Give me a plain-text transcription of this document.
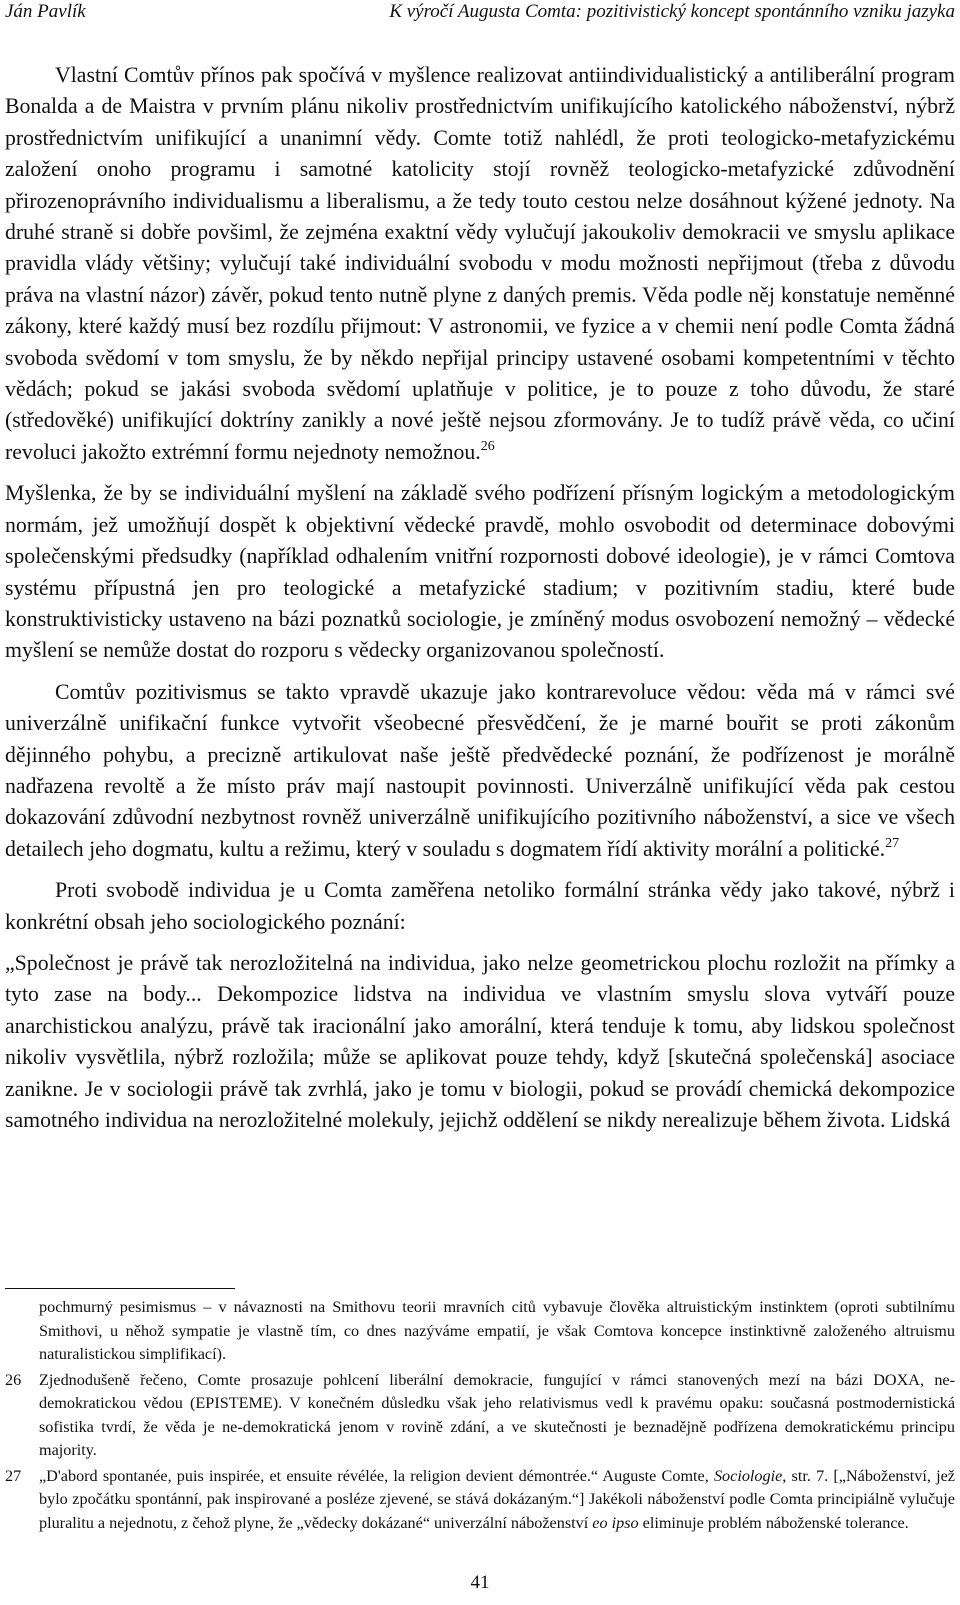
Ján Pavlík	K výročí Augusta Comta: pozitivistický koncept spontánního vzniku jazyka

Vlastní Comtův přínos pak spočívá v myšlence realizovat antiindividualistický a antiliberální program Bonalda a de Maistra v prvním plánu nikoliv prostřednictvím unifikujícího katolického náboženství, nýbrž prostřednictvím unifikující a unanimní vědy. Comte totiž nahlédl, že proti teologicko-metafyzickému založení onoho programu i samotné katolicity stojí rovněž teologicko-metafyzické zdůvodnění přirozenoprávního individualismu a liberalismu, a že tedy touto cestou nelze dosáhnout kýžené jednoty. Na druhé straně si dobře povšiml, že zejména exaktní vědy vylučují jakoukoliv demokracii ve smyslu aplikace pravidla vlády většiny; vylučují také individuální svobodu v modu možnosti nepřijmout (třeba z důvodu práva na vlastní názor) závěr, pokud tento nutně plyne z daných premis. Věda podle něj konstatuje neměnné zákony, které každý musí bez rozdílu přijmout: V astronomii, ve fyzice a v chemii není podle Comta žádná svoboda svědomí v tom smyslu, že by někdo nepřijal principy ustavené osobami kompetentními v těchto vědách; pokud se jakási svoboda svědomí uplatňuje v politice, je to pouze z toho důvodu, že staré (středověké) unifikující doktríny zanikly a nové ještě nejsou zformovány. Je to tudíž právě věda, co učiní revoluci jakožto extrémní formu nejednoty nemožnou.$^{26}$

Myšlenka, že by se individuální myšlení na základě svého podřízení přísným logickým a metodologickým normám, jež umožňují dospět k objektivní vědecké pravdě, mohlo osvobodit od determinace dobovými společenskými předsudky (například odhalením vnitřní rozpornosti dobové ideologie), je v rámci Comtova systému přípustná jen pro teologické a metafyzické stadium; v pozitivním stadiu, které bude konstruktivisticky ustaveno na bázi poznatků sociologie, je zmíněný modus osvobození nemožný – vědecké myšlení se nemůže dostat do rozporu s vědecky organizovanou společností.

Comtův pozitivismus se takto vpravdě ukazuje jako kontrarevoluce vědou: věda má v rámci své univerzálně unifikační funkce vytvořit všeobecné přesvědčení, že je marné bouřit se proti zákonům dějinného pohybu, a precizně artikulovat naše ještě předvědecké poznání, že podřízenost je morálně nadřazena revoltě a že místo práv mají nastoupit povinnosti. Univerzálně unifikující věda pak cestou dokazování zdůvodní nezbytnost rovněž univerzálně unifikujícího pozitivního náboženství, a sice ve všech detailech jeho dogmatu, kultu a režimu, který v souladu s dogmatem řídí aktivity morální a politické.$^{27}$

Proti svobodě individua je u Comta zaměřena netoliko formální stránka vědy jako takové, nýbrž i konkrétní obsah jeho sociologického poznání:

„Společnost je právě tak nerozložitelná na individua, jako nelze geometrickou plochu rozložit na přímky a tyto zase na body... Dekompozice lidstva na individua ve vlastním smyslu slova vytváří pouze anarchistickou analýzu, právě tak iracionální jako amorální, která tenduje k tomu, aby lidskou společnost nikoliv vysvětlila, nýbrž rozložila; může se aplikovat pouze tehdy, když [skutečná společenská] asociace zanikne. Je v sociologii právě tak zvrhlá, jako je tomu v biologii, pokud se provádí chemická dekompozice samotného individua na nerozložitelné molekuly, jejichž oddělení se nikdy nerealizuje během života. Lidská

pochmurný pesimismus – v návaznosti na Smithovu teorii mravních citů vybavuje člověka altruistickým instinktem (oproti subtilnímu Smithovi, u něhož sympatie je vlastně tím, co dnes nazýváme empatií, je však Comtova koncepce instinktivně založeného altruismu naturalistickou simplifikací).
26 Zjednodušeně řečeno, Comte prosazuje pohlcení liberální demokracie, fungující v rámci stanovených mezí na bázi DOXA, ne-demokratickou vědou (EPISTEME). V konečném důsledku však jeho relativismus vedl k pravému opaku: současná postmodernistická sofistika tvrdí, že věda je ne-demokratická jenom v rovině zdání, a ve skutečnosti je beznadějně podřízena demokratickému principu majority.
27 „D'abord spontanée, puis inspirée, et ensuite révélée, la religion devient démontrée.“ Auguste Comte, Sociologie, str. 7. [„Náboženství, jež bylo zpočátku spontánní, pak inspirované a posléze zjevené, se stává dokázaným.“] Jakékoli náboženství podle Comta principiálně vylučuje pluralitu a nejednotu, z čehož plyne, že „vědecky dokázané“ univerzální náboženství eo ipso eliminuje problém náboženské tolerance.
41
